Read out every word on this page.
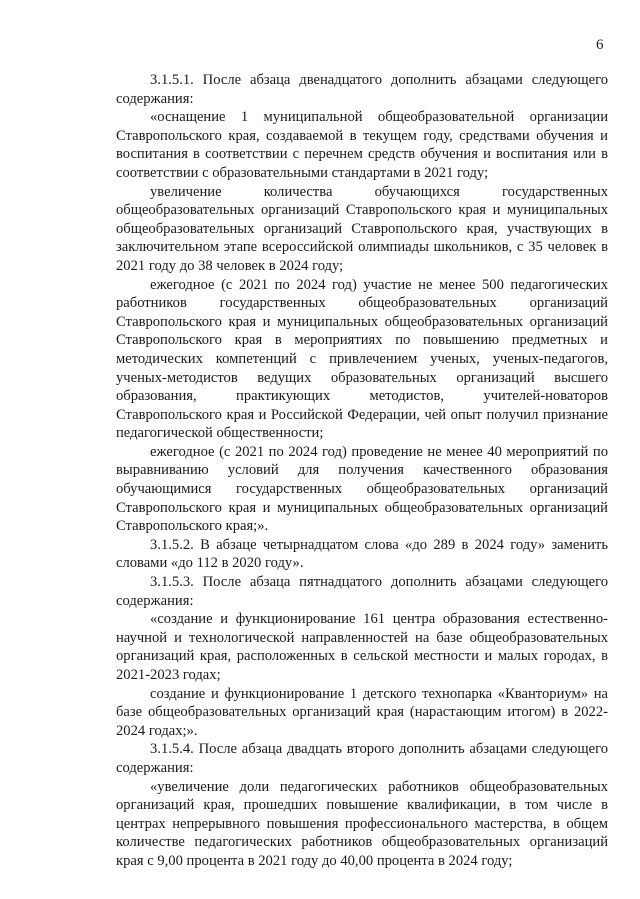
6

3.1.5.1. После абзаца двенадцатого дополнить абзацами следующего содержания:

«оснащение 1 муниципальной общеобразовательной организации Ставропольского края, создаваемой в текущем году, средствами обучения и воспитания в соответствии с перечнем средств обучения и воспитания или в соответствии с образовательными стандартами в 2021 году;

увеличение количества обучающихся государственных общеобразовательных организаций Ставропольского края и муниципальных общеобразовательных организаций Ставропольского края, участвующих в заключительном этапе всероссийской олимпиады школьников, с 35 человек в 2021 году до 38 человек в 2024 году;

ежегодное (с 2021 по 2024 год) участие не менее 500 педагогических работников государственных общеобразовательных организаций Ставропольского края и муниципальных общеобразовательных организаций Ставропольского края в мероприятиях по повышению предметных и методических компетенций с привлечением ученых, ученых-педагогов, ученых-методистов ведущих образовательных организаций высшего образования, практикующих методистов, учителей-новаторов Ставропольского края и Российской Федерации, чей опыт получил признание педагогической общественности;

ежегодное (с 2021 по 2024 год) проведение не менее 40 мероприятий по выравниванию условий для получения качественного образования обучающимися государственных общеобразовательных организаций Ставропольского края и муниципальных общеобразовательных организаций Ставропольского края;».

3.1.5.2. В абзаце четырнадцатом слова «до 289 в 2024 году» заменить словами «до 112 в 2020 году».

3.1.5.3. После абзаца пятнадцатого дополнить абзацами следующего содержания:

«создание и функционирование 161 центра образования естественно-научной и технологической направленностей на базе общеобразовательных организаций края, расположенных в сельской местности и малых городах, в 2021-2023 годах;

создание и функционирование 1 детского технопарка «Кванториум» на базе общеобразовательных организаций края (нарастающим итогом) в 2022-2024 годах;».

3.1.5.4. После абзаца двадцать второго дополнить абзацами следующего содержания:

«увеличение доли педагогических работников общеобразовательных организаций края, прошедших повышение квалификации, в том числе в центрах непрерывного повышения профессионального мастерства, в общем количестве педагогических работников общеобразовательных организаций края с 9,00 процента в 2021 году до 40,00 процента в 2024 году;
